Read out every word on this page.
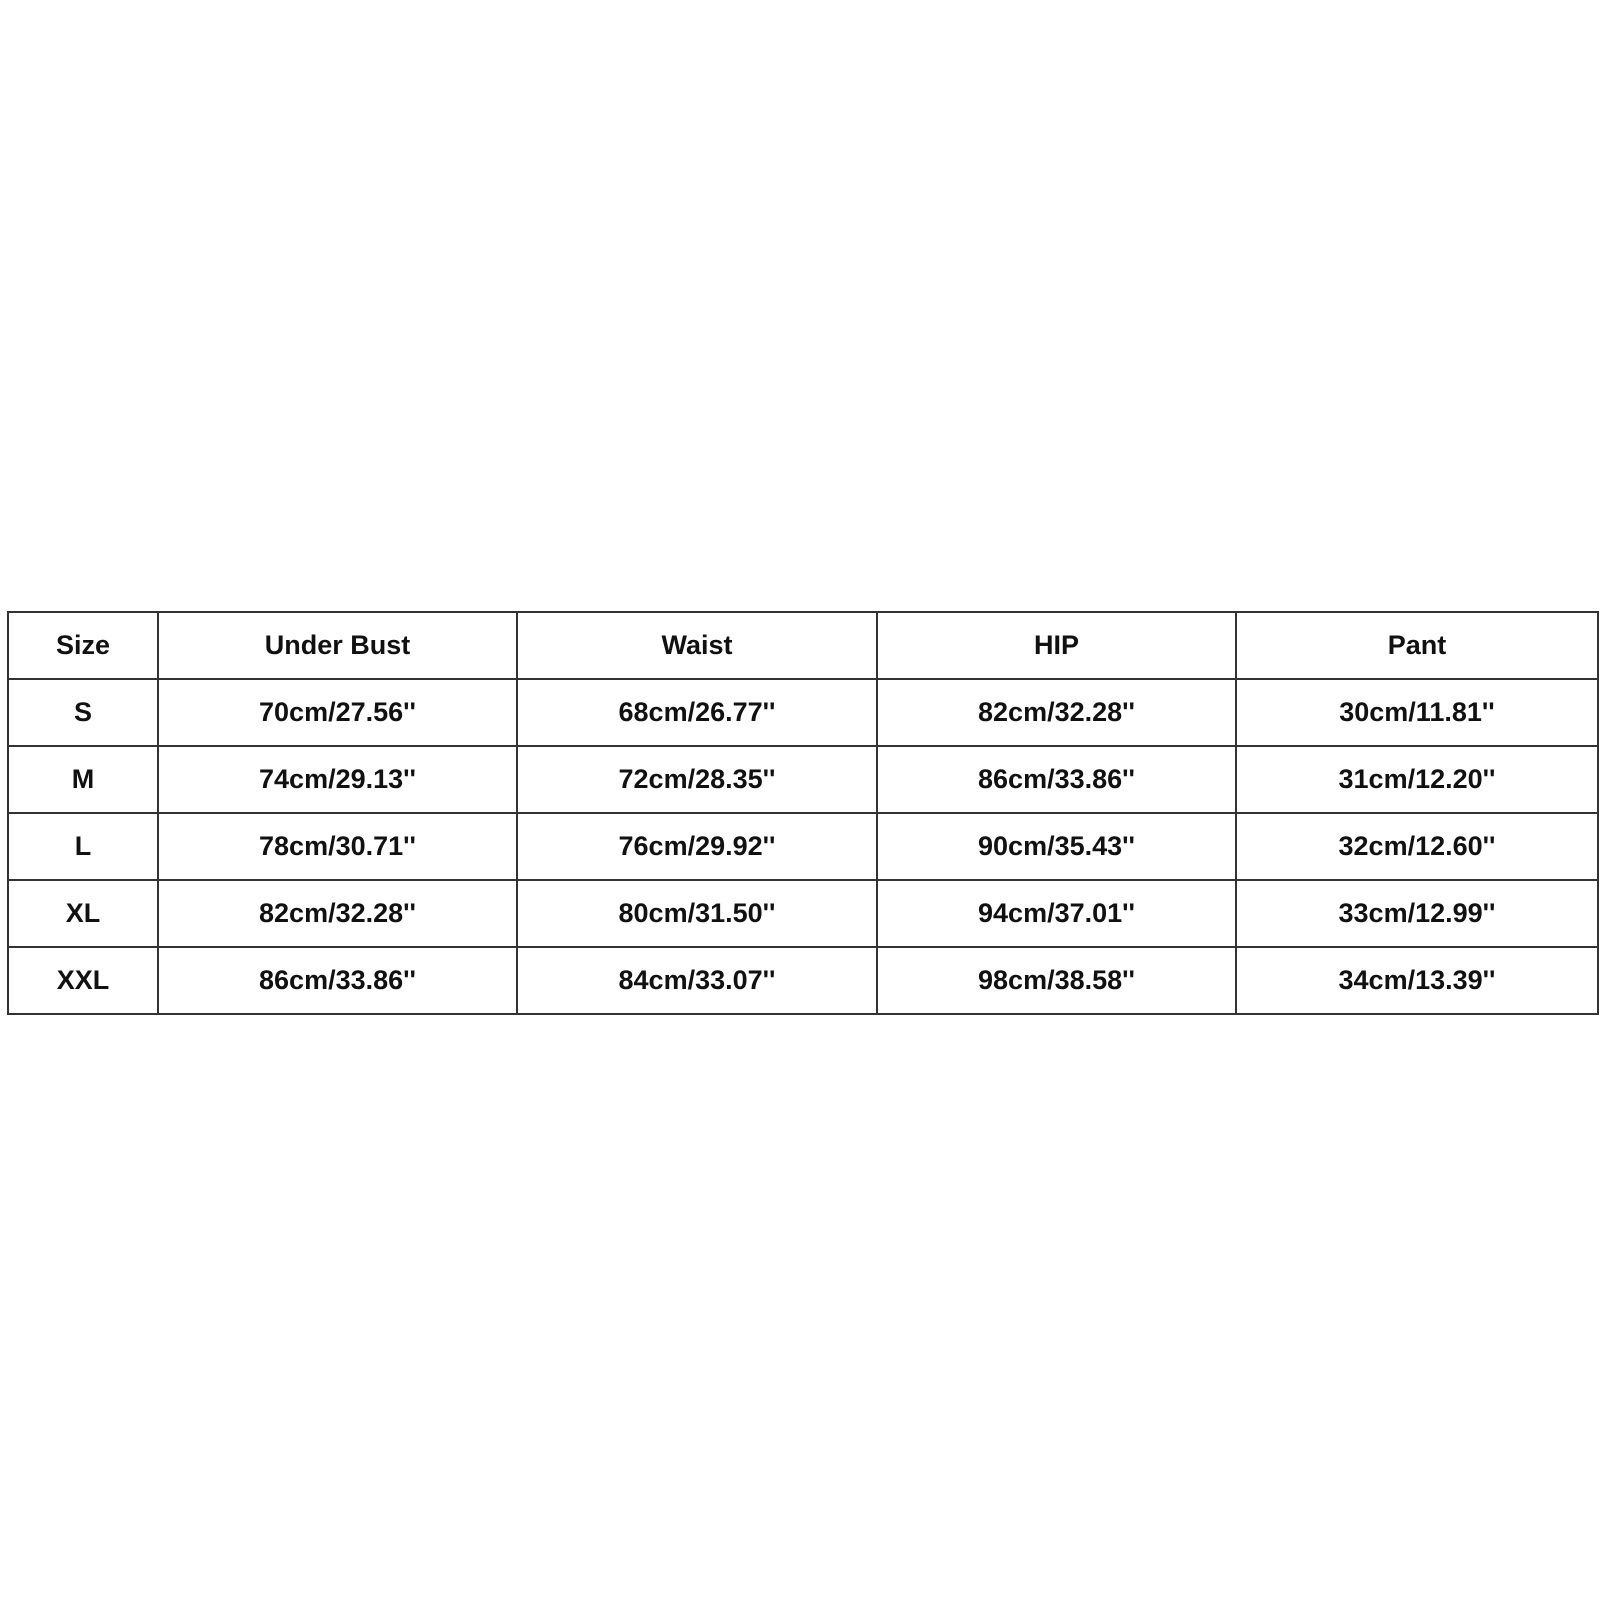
Size	Under Bust	Waist	HIP	Pant
S	70cm/27.56''	68cm/26.77''	82cm/32.28''	30cm/11.81''
M	74cm/29.13''	72cm/28.35''	86cm/33.86''	31cm/12.20''
L	78cm/30.71''	76cm/29.92''	90cm/35.43''	32cm/12.60''
XL	82cm/32.28''	80cm/31.50''	94cm/37.01''	33cm/12.99''
XXL	86cm/33.86''	84cm/33.07''	98cm/38.58''	34cm/13.39''
